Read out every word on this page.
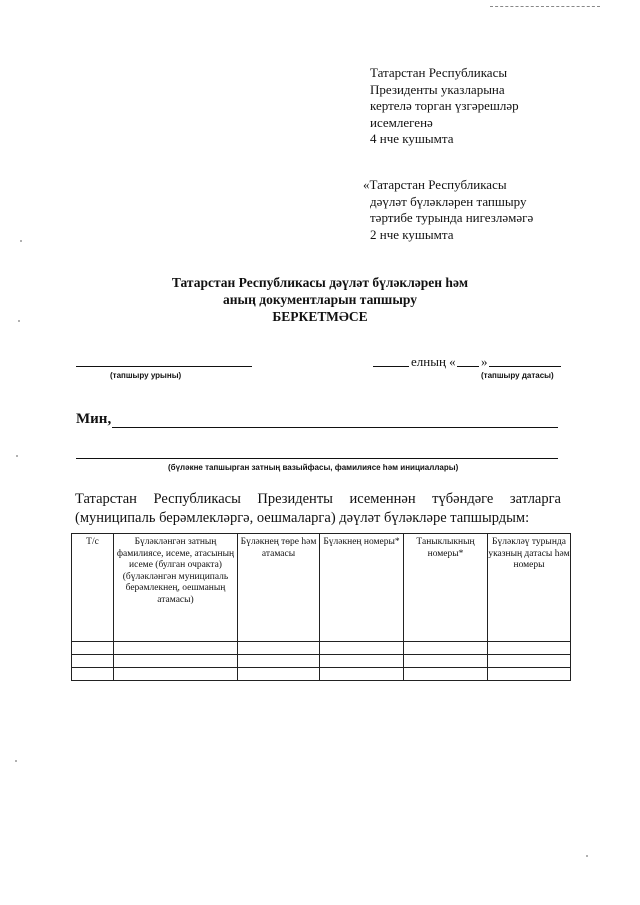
Татарстан Республикасы
Президенты указларына
кертелә торган үзгәрешләр
исемлегенә
4 нче кушымта
«Татарстан Республикасы
дәүләт бүләкләрен тапшыру
тәртибе турында нигезләмәгә
2 нче кушымта
Татарстан Республикасы дәүләт бүләкләрен һәм
аның документларын тапшыру
БЕРКЕТМӘСЕ
(тапшыру урыны)
елның « »
(тапшыру датасы)
Мин,
(бүләкне тапшырган затның вазыйфасы, фамилиясе һәм инициаллары)
Татарстан Республикасы Президенты исеменнән түбәндәге затларга
(муниципаль берәмлекләргә, оешмаларга) дәүләт бүләкләре тапшырдым:
Т/с	Бүләкләнгән затның фамилиясе, исеме, атасының исеме (булган очракта) (бүләкләнгән муниципаль берәмлекнең, оешманың атамасы)	Бүләкнең төре һәм атамасы	Бүләкнең номеры*	Таныклыкның номеры*	Бүләкләү турында указның датасы һәм номеры
